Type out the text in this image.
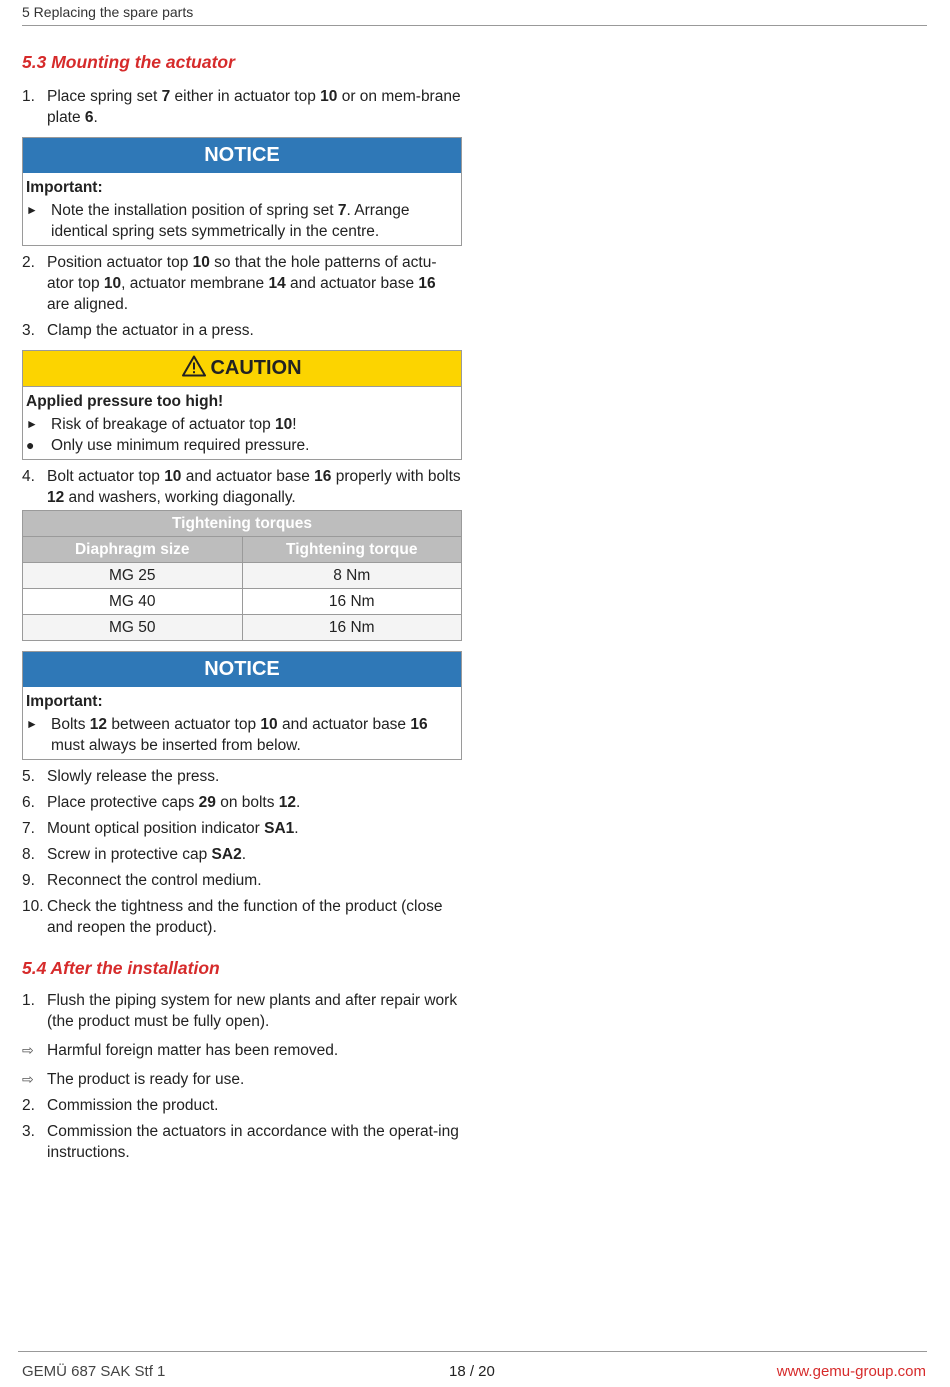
5 Replacing the spare parts
5.3 Mounting the actuator
1. Place spring set 7 either in actuator top 10 or on mem-brane plate 6.
NOTICE
Important:
► Note the installation position of spring set 7. Arrange identical spring sets symmetrically in the centre.
2. Position actuator top 10 so that the hole patterns of actu-ator top 10, actuator membrane 14 and actuator base 16 are aligned.
3. Clamp the actuator in a press.
CAUTION
Applied pressure too high!
► Risk of breakage of actuator top 10!
●	Only use minimum required pressure.
4. Bolt actuator top 10 and actuator base 16 properly with bolts 12 and washers, working diagonally.
Tightening torques	
Diaphragm size	Tightening torque
MG 25	8 Nm
MG 40	16 Nm
MG 50	16 Nm
NOTICE
Important:
► Bolts 12 between actuator top 10 and actuator base 16 must always be inserted from below.
5. Slowly release the press.
6. Place protective caps 29 on bolts 12.
7. Mount optical position indicator SA1.
8. Screw in protective cap SA2.
9. Reconnect the control medium.
10. Check the tightness and the function of the product (close and reopen the product).
5.4 After the installation
1. Flush the piping system for new plants and after repair work (the product must be fully open).
⇨ Harmful foreign matter has been removed.
⇨ The product is ready for use.
2. Commission the product.
3. Commission the actuators in accordance with the operat-ing instructions.
GEMÜ 687 SAK Stf 1	18 / 20	www.gemu-group.com
